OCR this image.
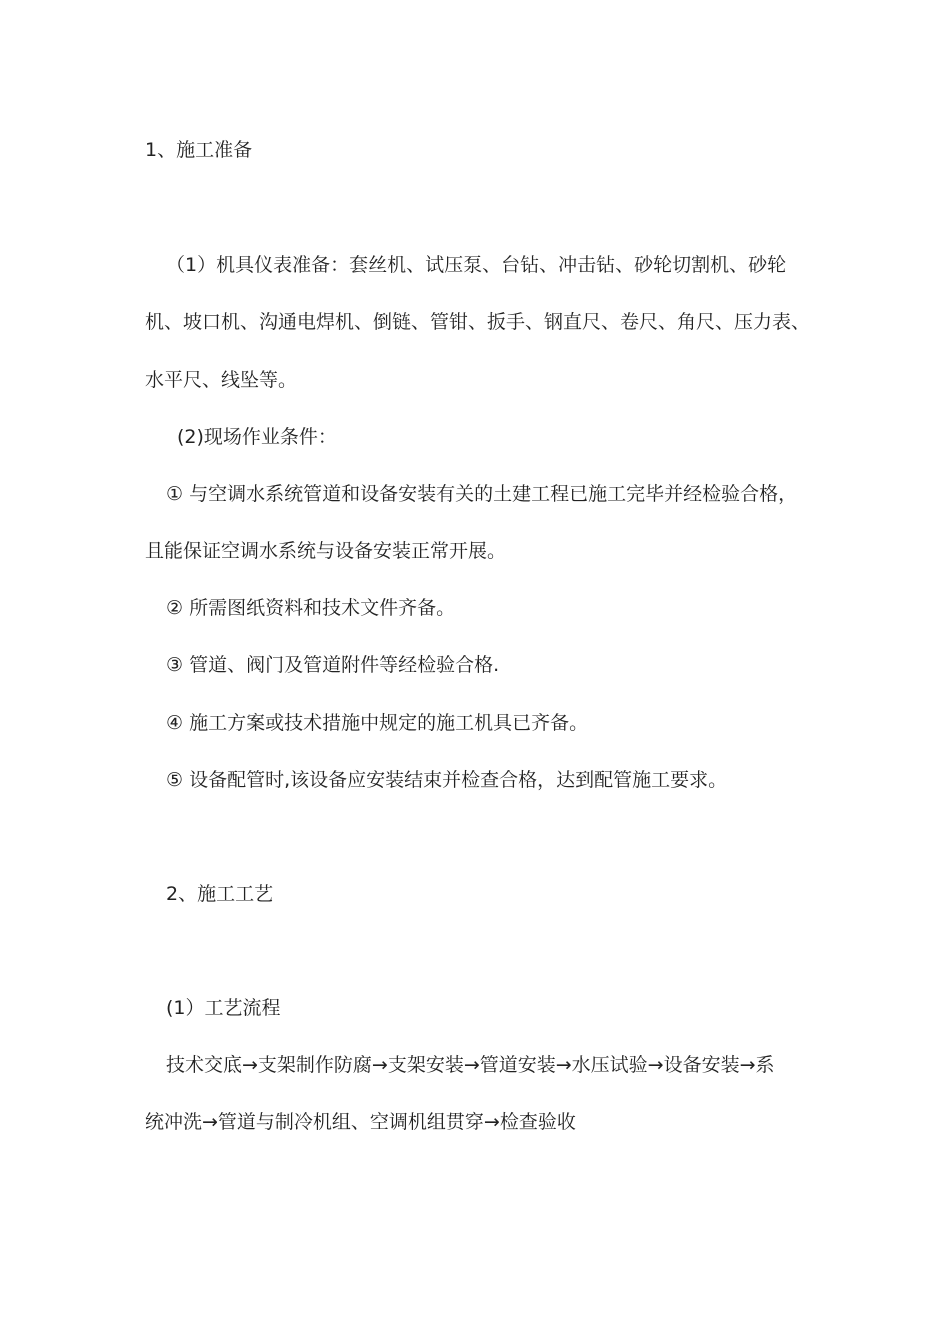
1、施工准备

（1）机具仪表准备：套丝机、试压泵、台钻、冲击钻、砂轮切割机、砂轮

机、坡口机、沟通电焊机、倒链、管钳、扳手、钢直尺、卷尺、角尺、压力表、

水平尺、线坠等。

(2)现场作业条件：

① 与空调水系统管道和设备安装有关的土建工程已施工完毕并经检验合格，

且能保证空调水系统与设备安装正常开展。

② 所需图纸资料和技术文件齐备。

③ 管道、阀门及管道附件等经检验合格.

④ 施工方案或技术措施中规定的施工机具已齐备。

⑤ 设备配管时,该设备应安装结束并检查合格，达到配管施工要求。

2、施工工艺

(1）工艺流程

技术交底→支架制作防腐→支架安装→管道安装→水压试验→设备安装→系

统冲洗→管道与制冷机组、空调机组贯穿→检查验收
